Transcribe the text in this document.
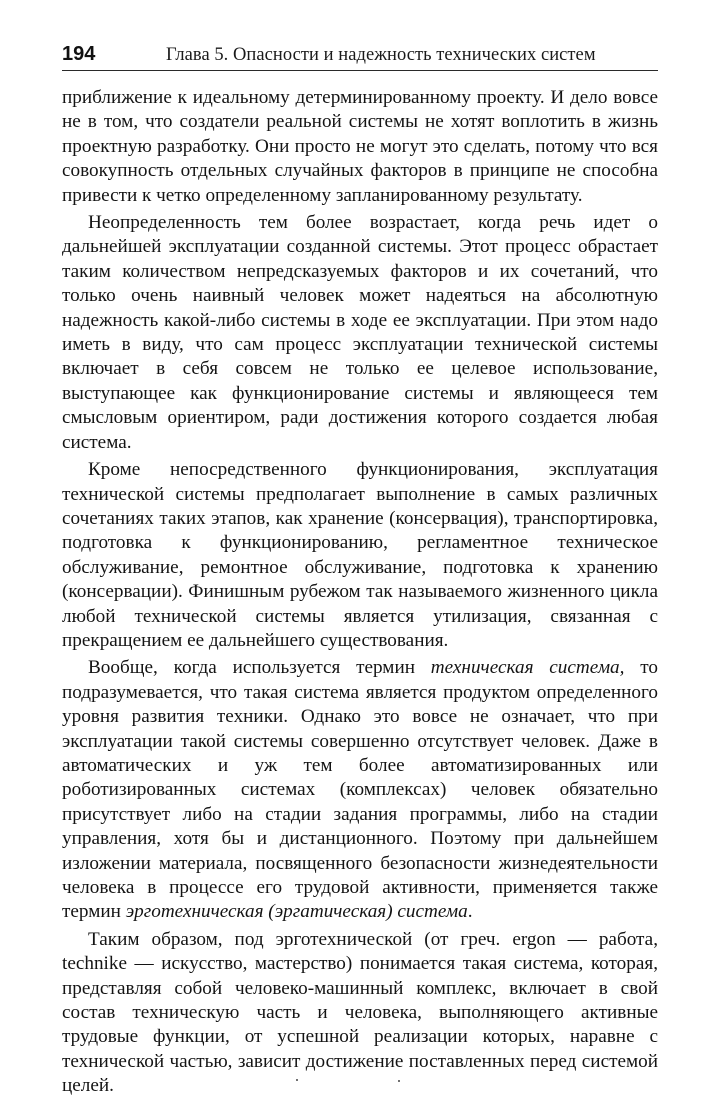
194	Глава 5. Опасности и надежность технических систем

приближение к идеальному детерминированному проекту. И дело вовсе не в том, что создатели реальной системы не хотят воплотить в жизнь проектную разработку. Они просто не могут это сделать, потому что вся совокупность отдельных случайных факторов в принципе не способна привести к четко определенному запланированному результату.

Неопределенность тем более возрастает, когда речь идет о дальнейшей эксплуатации созданной системы. Этот процесс обрастает таким количеством непредсказуемых факторов и их сочетаний, что только очень наивный человек может надеяться на абсолютную надежность какой-либо системы в ходе ее эксплуатации. При этом надо иметь в виду, что сам процесс эксплуатации технической системы включает в себя совсем не только ее целевое использование, выступающее как функционирование системы и являющееся тем смысловым ориентиром, ради достижения которого создается любая система.

Кроме непосредственного функционирования, эксплуатация технической системы предполагает выполнение в самых различных сочетаниях таких этапов, как хранение (консервация), транспортировка, подготовка к функционированию, регламентное техническое обслуживание, ремонтное обслуживание, подготовка к хранению (консервации). Финишным рубежом так называемого жизненного цикла любой технической системы является утилизация, связанная с прекращением ее дальнейшего существования.

Вообще, когда используется термин техническая система, то подразумевается, что такая система является продуктом определенного уровня развития техники. Однако это вовсе не означает, что при эксплуатации такой системы совершенно отсутствует человек. Даже в автоматических и уж тем более автоматизированных или роботизированных системах (комплексах) человек обязательно присутствует либо на стадии задания программы, либо на стадии управления, хотя бы и дистанционного. Поэтому при дальнейшем изложении материала, посвященного безопасности жизнедеятельности человека в процессе его трудовой активности, применяется также термин эрготехническая (эргатическая) система.

Таким образом, под эрготехнической (от греч. ergon — работа, technike — искусство, мастерство) понимается такая система, которая, представляя собой человеко-машинный комплекс, включает в свой состав техническую часть и человека, выполняющего активные трудовые функции, от успешной реализации которых, наравне с технической частью, зависит достижение поставленных перед системой целей.
